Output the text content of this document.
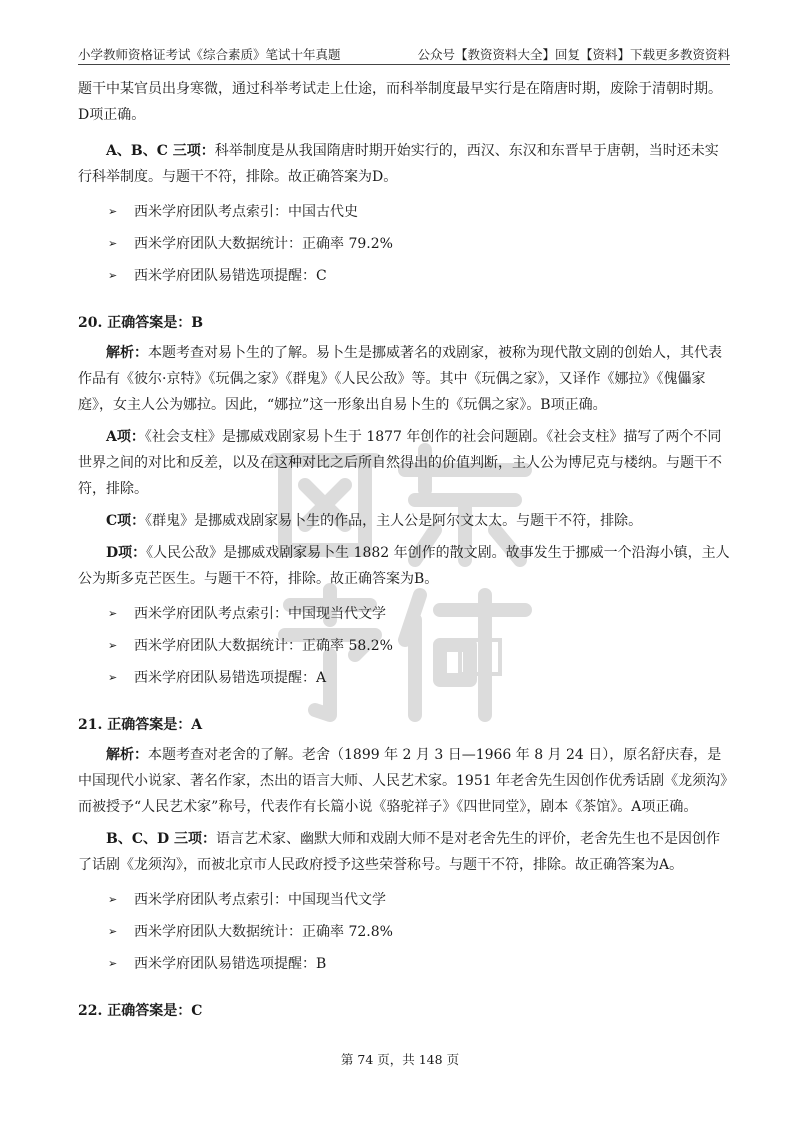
小学教师资格证考试《综合素质》笔试十年真题	公众号【教资资料大全】回复【资料】下载更多教资资料

题干中某官员出身寒微，通过科举考试走上仕途，而科举制度最早实行是在隋唐时期，废除于清朝时期。
D项正确。

A、B、C 三项：科举制度是从我国隋唐时期开始实行的，西汉、东汉和东晋早于唐朝，当时还未实行科举制度。与题干不符，排除。故正确答案为D。

➢ 西米学府团队考点索引：中国古代史
➢ 西米学府团队大数据统计：正确率 79.2%
➢ 西米学府团队易错选项提醒：C

20. 正确答案是：B

解析：本题考查对易卜生的了解。易卜生是挪威著名的戏剧家，被称为现代散文剧的创始人，其代表作品有《彼尔·京特》《玩偶之家》《群鬼》《人民公敌》等。其中《玩偶之家》，又译作《娜拉》《傀儡家庭》，女主人公为娜拉。因此，“娜拉”这一形象出自易卜生的《玩偶之家》。B项正确。

A项：《社会支柱》是挪威戏剧家易卜生于 1877 年创作的社会问题剧。《社会支柱》描写了两个不同世界之间的对比和反差，以及在这种对比之后所自然得出的价值判断，主人公为博尼克与楼纳。与题干不符，排除。

C项：《群鬼》是挪威戏剧家易卜生的作品，主人公是阿尔文太太。与题干不符，排除。

D项：《人民公敌》是挪威戏剧家易卜生 1882 年创作的散文剧。故事发生于挪威一个沿海小镇，主人公为斯多克芒医生。与题干不符，排除。故正确答案为B。

➢ 西米学府团队考点索引：中国现当代文学
➢ 西米学府团队大数据统计：正确率 58.2%
➢ 西米学府团队易错选项提醒：A

21. 正确答案是：A

解析：本题考查对老舍的了解。老舍（1899 年 2 月 3 日—1966 年 8 月 24 日），原名舒庆春，是中国现代小说家、著名作家，杰出的语言大师、人民艺术家。1951 年老舍先生因创作优秀话剧《龙须沟》而被授予“人民艺术家”称号，代表作有长篇小说《骆驼祥子》《四世同堂》，剧本《茶馆》。A项正确。

B、C、D 三项：语言艺术家、幽默大师和戏剧大师不是对老舍先生的评价，老舍先生也不是因创作了话剧《龙须沟》，而被北京市人民政府授予这些荣誉称号。与题干不符，排除。故正确答案为A。

➢ 西米学府团队考点索引：中国现当代文学
➢ 西米学府团队大数据统计：正确率 72.8%
➢ 西米学府团队易错选项提醒：B

22. 正确答案是：C

第 74 页，共 148 页
